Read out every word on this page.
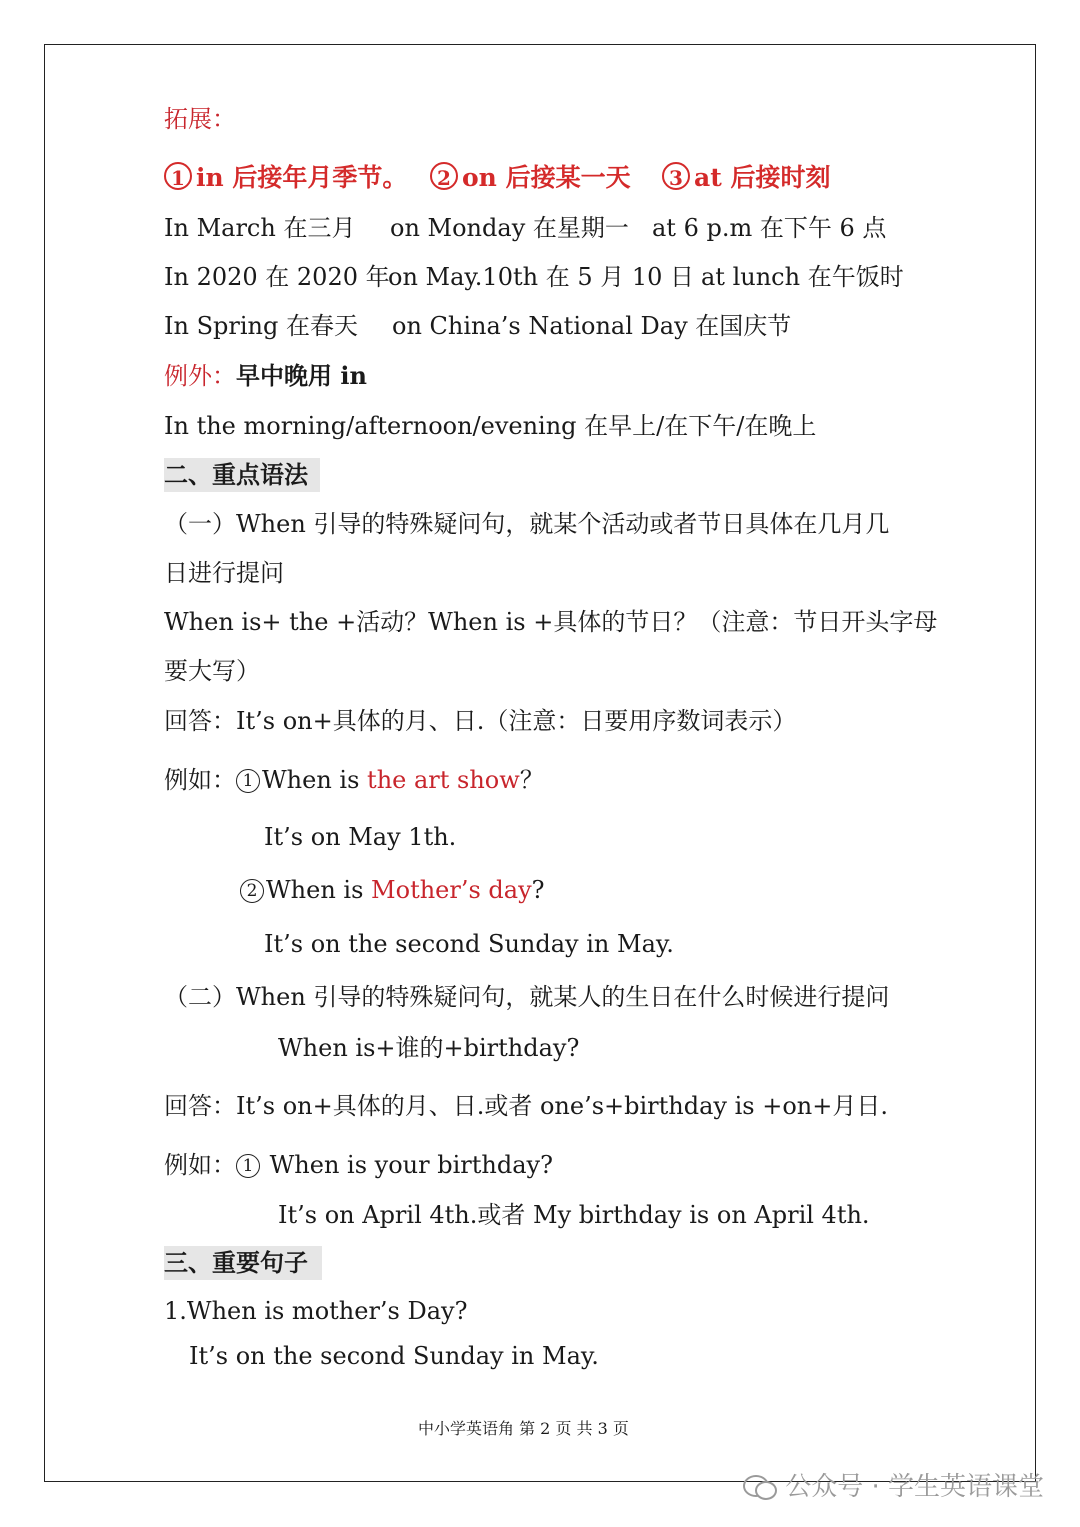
拓展：
1 in 后接年月季节。	2 on 后接某一天	3 at 后接时刻
In March 在三月 on Monday 在星期一 at 6 p.m 在下午 6 点
In 2020 在 2020 年
on May.10th 在 5 月 10 日 at lunch 在午饭时
In Spring 在春天 on China’s National Day 在国庆节
例外：早中晚用 in
In the morning/afternoon/evening 在早上/在下午/在晚上
二、重点语法
（一）When 引导的特殊疑问句，就某个活动或者节日具体在几月几
日进行提问
When is+ the +活动？When is +具体的节日？（注意：节日开头字母
要大写）
回答：It’s on+具体的月、日.（注意：日要用序数词表示）
例如： 1 When is the art show？
It’s on May 1th.
2 When is Mother’s day?
It’s on the second Sunday in May.
（二）When 引导的特殊疑问句，就某人的生日在什么时候进行提问
When is+谁的+birthday?
回答：It’s on+具体的月、日.或者 one’s+birthday is +on+月日.
例如： 1 When is your birthday?
It’s on April 4th.或者 My birthday is on April 4th.
三、重要句子
1.When is mother’s Day?
It’s on the second Sunday in May.
中小学英语角 第 2 页 共 3 页
公众号 · 学生英语课堂
